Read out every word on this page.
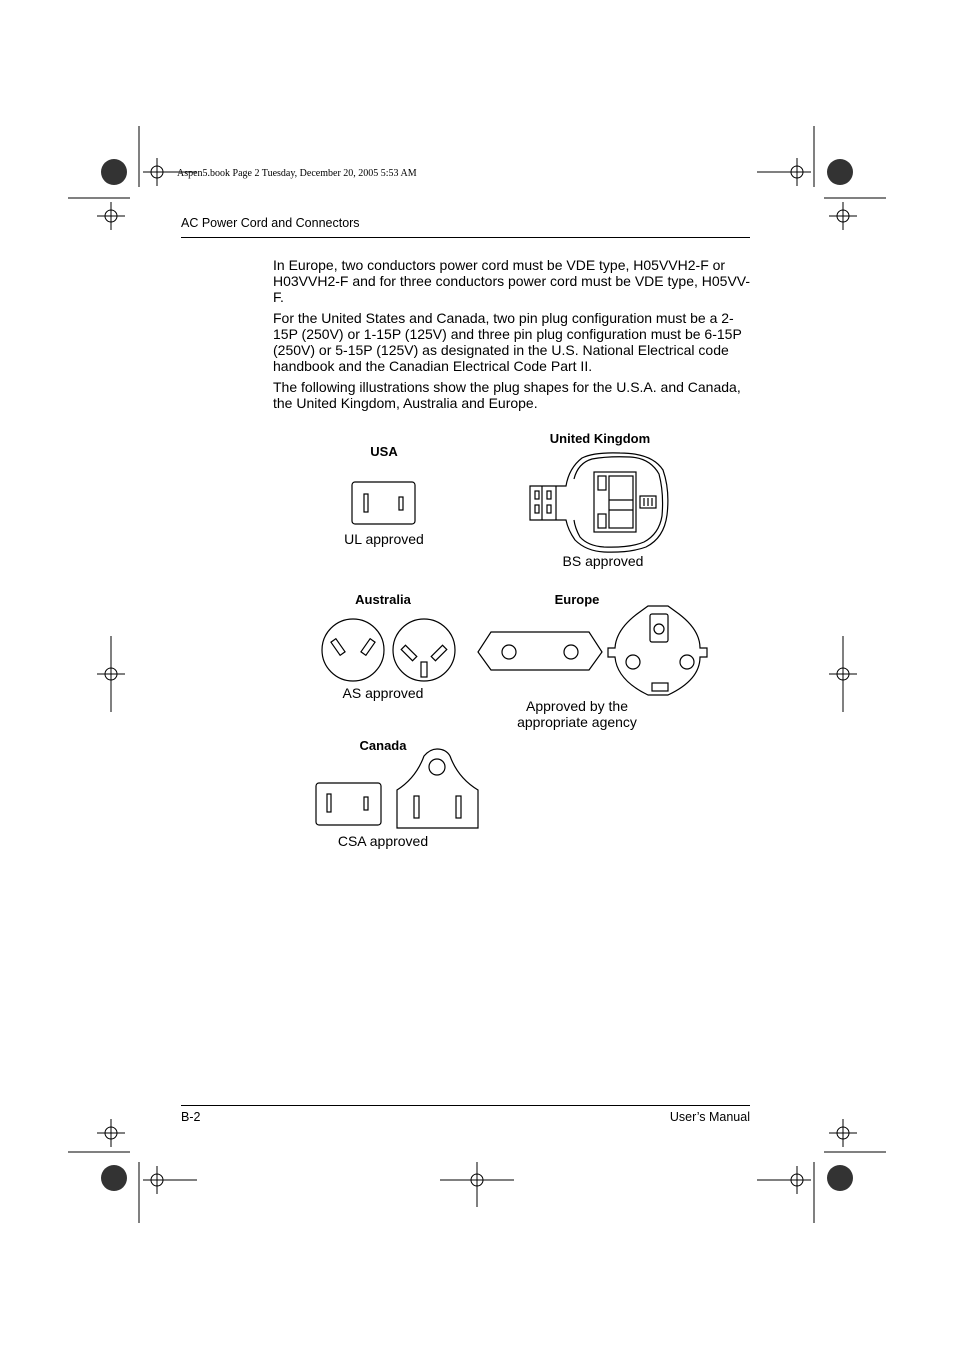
Aspen5.book Page 2 Tuesday, December 20, 2005 5:53 AM
AC Power Cord and Connectors

In Europe, two conductors power cord must be VDE type, H05VVH2-F or H03VVH2-F and for three conductors power cord must be VDE type, H05VV-F.

For the United States and Canada, two pin plug configuration must be a 2-15P (250V) or 1-15P (125V) and three pin plug configuration must be 6-15P (250V) or 5-15P (125V) as designated in the U.S. National Electrical code handbook and the Canadian Electrical Code Part II.

The following illustrations show the plug shapes for the U.S.A. and Canada, the United Kingdom, Australia and Europe.

USA
UL approved
United Kingdom
BS approved
Australia
AS approved
Europe
Approved by the
appropriate agency
Canada
CSA approved
B-2	User’s Manual
